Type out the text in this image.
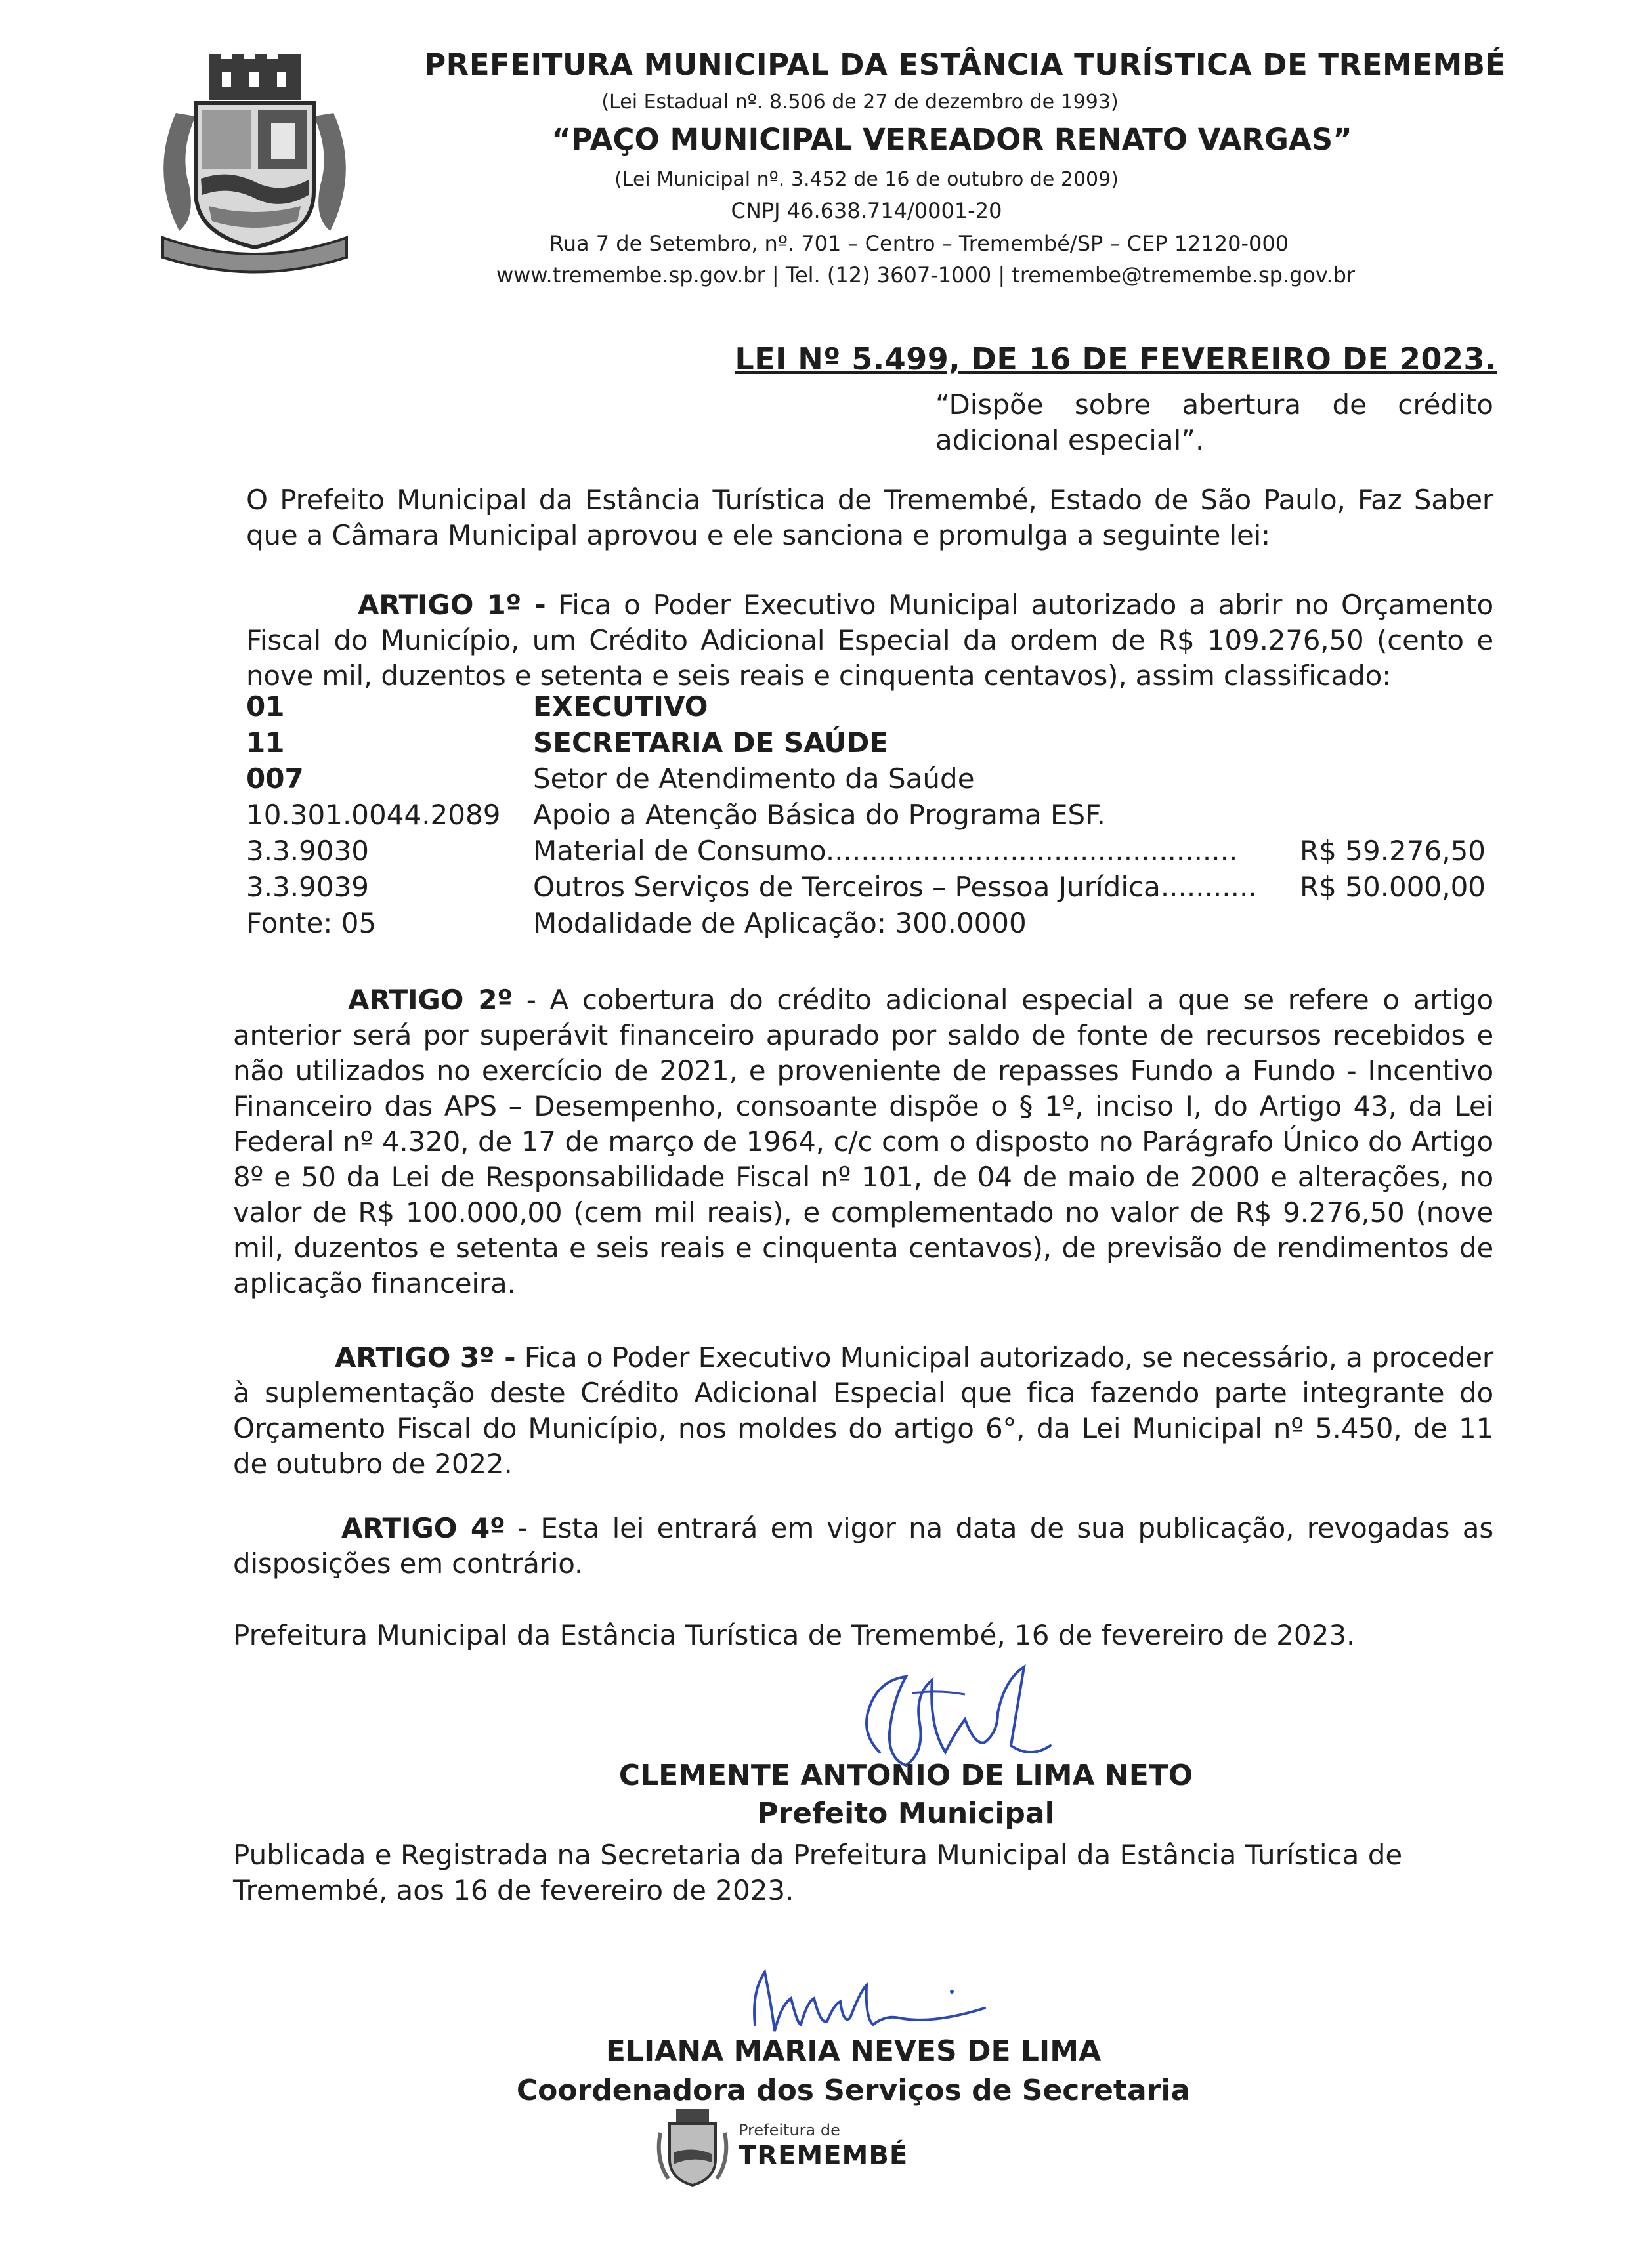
PREFEITURA MUNICIPAL DA ESTÂNCIA TURÍSTICA DE TREMEMBÉ
(Lei Estadual nº. 8.506 de 27 de dezembro de 1993)
“PAÇO MUNICIPAL VEREADOR RENATO VARGAS”
(Lei Municipal nº. 3.452 de 16 de outubro de 2009)
CNPJ 46.638.714/0001-20
Rua 7 de Setembro, nº. 701 – Centro – Tremembé/SP – CEP 12120-000
www.tremembe.sp.gov.br | Tel. (12) 3607-1000 | tremembe@tremembe.sp.gov.br
LEI Nº 5.499, DE 16 DE FEVEREIRO DE 2023.
“Dispõe sobre abertura de crédito
adicional especial”.
O Prefeito Municipal da Estância Turística de Tremembé, Estado de São Paulo, Faz Saber que a Câmara Municipal aprovou e ele sanciona e promulga a seguinte lei:
ARTIGO 1º - Fica o Poder Executivo Municipal autorizado a abrir no Orçamento Fiscal do Município, um Crédito Adicional Especial da ordem de R$ 109.276,50 (cento e nove mil, duzentos e setenta e seis reais e cinquenta centavos), assim classificado:
01	EXECUTIVO
11	SECRETARIA DE SAÚDE
007	Setor de Atendimento da Saúde
10.301.0044.2089 Apoio a Atenção Básica do Programa ESF.
3.3.9030	Material de Consumo............................................... R$ 59.276,50
3.3.9039	Outros Serviços de Terceiros – Pessoa Jurídica........... R$ 50.000,00
Fonte: 05	Modalidade de Aplicação: 300.0000
ARTIGO 2º - A cobertura do crédito adicional especial a que se refere o artigo anterior será por superávit financeiro apurado por saldo de fonte de recursos recebidos e não utilizados no exercício de 2021, e proveniente de repasses Fundo a Fundo - Incentivo Financeiro das APS – Desempenho, consoante dispõe o § 1º, inciso I, do Artigo 43, da Lei Federal nº 4.320, de 17 de março de 1964, c/c com o disposto no Parágrafo Único do Artigo 8º e 50 da Lei de Responsabilidade Fiscal nº 101, de 04 de maio de 2000 e alterações, no valor de R$ 100.000,00 (cem mil reais), e complementado no valor de R$ 9.276,50 (nove mil, duzentos e setenta e seis reais e cinquenta centavos), de previsão de rendimentos de aplicação financeira.
ARTIGO 3º - Fica o Poder Executivo Municipal autorizado, se necessário, a proceder à suplementação deste Crédito Adicional Especial que fica fazendo parte integrante do Orçamento Fiscal do Município, nos moldes do artigo 6°, da Lei Municipal nº 5.450, de 11 de outubro de 2022.
ARTIGO 4º - Esta lei entrará em vigor na data de sua publicação, revogadas as disposições em contrário.
Prefeitura Municipal da Estância Turística de Tremembé, 16 de fevereiro de 2023.
CLEMENTE ANTONIO DE LIMA NETO
Prefeito Municipal
Publicada e Registrada na Secretaria da Prefeitura Municipal da Estância Turística de Tremembé, aos 16 de fevereiro de 2023.
ELIANA MARIA NEVES DE LIMA
Coordenadora dos Serviços de Secretaria
Prefeitura de
TREMEMBÉ
